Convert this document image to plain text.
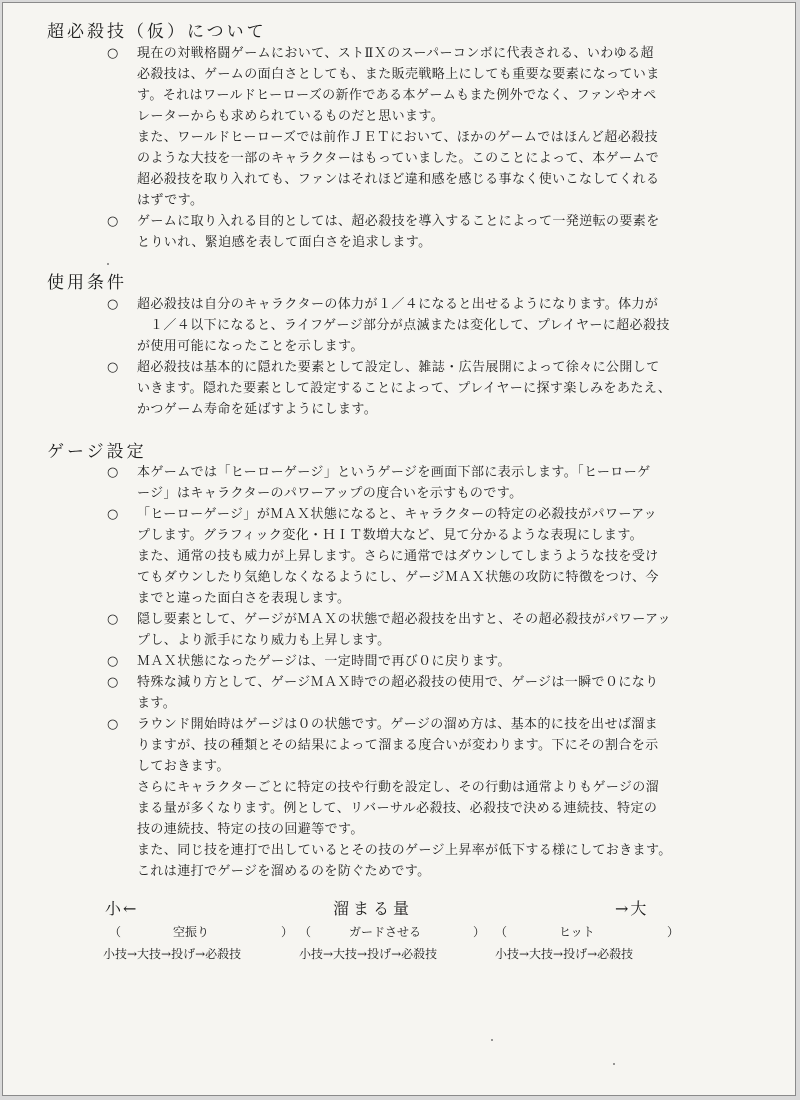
超必殺技（仮）について
○ 現在の対戦格闘ゲームにおいて、ストⅡＸのスーパーコンボに代表される、いわゆる超
必殺技は、ゲームの面白さとしても、また販売戦略上にしても重要な要素になっていま
す。それはワールドヒーローズの新作である本ゲームもまた例外でなく、ファンやオペ
レーターからも求められているものだと思います。
また、ワールドヒーローズでは前作ＪＥＴにおいて、ほかのゲームではほんど超必殺技
のような大技を一部のキャラクターはもっていました。このことによって、本ゲームで
超必殺技を取り入れても、ファンはそれほど違和感を感じる事なく使いこなしてくれる
はずです。
○ ゲームに取り入れる目的としては、超必殺技を導入することによって一発逆転の要素を
とりいれ、緊迫感を表して面白さを追求します。
使用条件
○ 超必殺技は自分のキャラクターの体力が１／４になると出せるようになります。体力が
１／４以下になると、ライフゲージ部分が点滅または変化して、プレイヤーに超必殺技
が使用可能になったことを示します。
○ 超必殺技は基本的に隠れた要素として設定し、雑誌・広告展開によって徐々に公開して
いきます。隠れた要素として設定することによって、プレイヤーに探す楽しみをあたえ、
かつゲーム寿命を延ばすようにします。
ゲージ設定
○ 本ゲームでは「ヒーローゲージ」というゲージを画面下部に表示します。「ヒーローゲ
ージ」はキャラクターのパワーアップの度合いを示すものです。
○ 「ヒーローゲージ」がＭＡＸ状態になると、キャラクターの特定の必殺技がパワーアッ
プします。グラフィック変化・ＨＩＴ数増大など、見て分かるような表現にします。
また、通常の技も威力が上昇します。さらに通常ではダウンしてしまうような技を受け
てもダウンしたり気絶しなくなるようにし、ゲージＭＡＸ状態の攻防に特徴をつけ、今
までと違った面白さを表現します。
○ 隠し要素として、ゲージがＭＡＸの状態で超必殺技を出すと、その超必殺技がパワーアッ
プし、より派手になり威力も上昇します。
○ ＭＡＸ状態になったゲージは、一定時間で再び０に戻ります。
○ 特殊な減り方として、ゲージＭＡＸ時での超必殺技の使用で、ゲージは一瞬で０になり
ます。
○ ラウンド開始時はゲージは０の状態です。ゲージの溜め方は、基本的に技を出せば溜ま
りますが、技の種類とその結果によって溜まる度合いが変わります。下にその割合を示
しておきます。
さらにキャラクターごとに特定の技や行動を設定し、その行動は通常よりもゲージの溜
まる量が多くなります。例として、リバーサル必殺技、必殺技で決める連続技、特定の
技の連続技、特定の技の回避等です。
また、同じ技を連打で出しているとその技のゲージ上昇率が低下する様にしておきます。
これは連打でゲージを溜めるのを防ぐためです。
小←	溜まる量	→大
（	空振り	） （	ガードさせる	） （	ヒット	）
小技→大技→投げ→必殺技	小技→大技→投げ→必殺技	小技→大技→投げ→必殺技
